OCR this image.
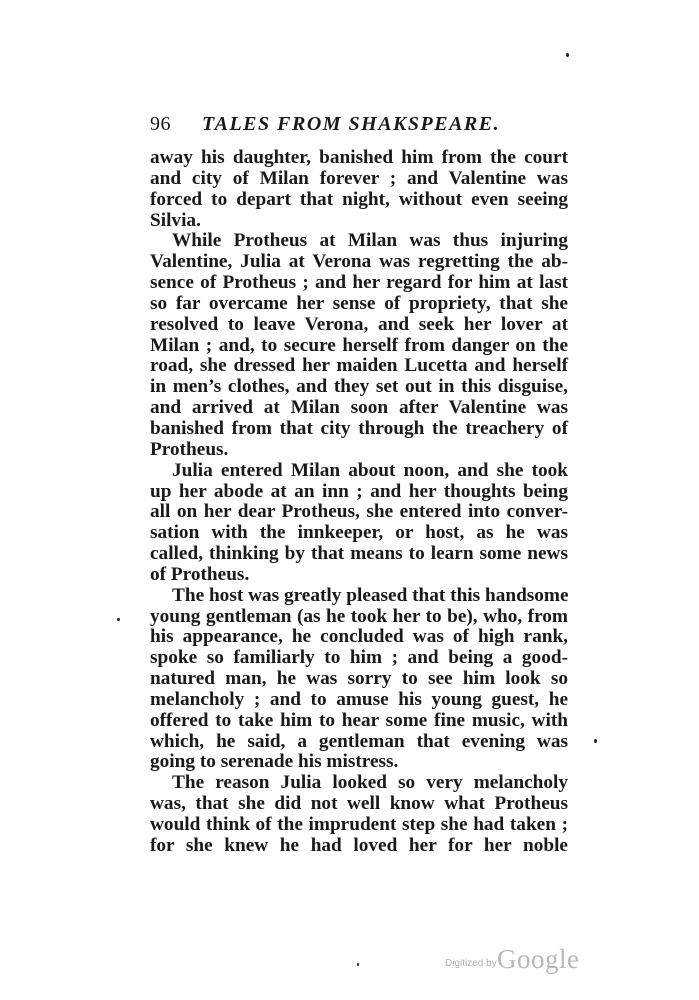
96 TALES FROM SHAKSPEARE.
away his daughter, banished him from the court
and city of Milan forever ; and Valentine was
forced to depart that night, without even seeing
Silvia.
While Protheus at Milan was thus injuring
Valentine, Julia at Verona was regretting the ab-
sence of Protheus ; and her regard for him at last
so far overcame her sense of propriety, that she
resolved to leave Verona, and seek her lover at
Milan ; and, to secure herself from danger on the
road, she dressed her maiden Lucetta and herself
in men’s clothes, and they set out in this disguise,
and arrived at Milan soon after Valentine was
banished from that city through the treachery of
Protheus.
Julia entered Milan about noon, and she took
up her abode at an inn ; and her thoughts being
all on her dear Protheus, she entered into conver-
sation with the innkeeper, or host, as he was
called, thinking by that means to learn some news
of Protheus.
The host was greatly pleased that this handsome
young gentleman (as he took her to be), who, from
his appearance, he concluded was of high rank,
spoke so familiarly to him ; and being a good-
natured man, he was sorry to see him look so
melancholy ; and to amuse his young guest, he
offered to take him to hear some fine music, with
which, he said, a gentleman that evening was
going to serenade his mistress.
The reason Julia looked so very melancholy
was, that she did not well know what Protheus
would think of the imprudent step she had taken ;
for she knew he had loved her for her noble
Digitized by Google
